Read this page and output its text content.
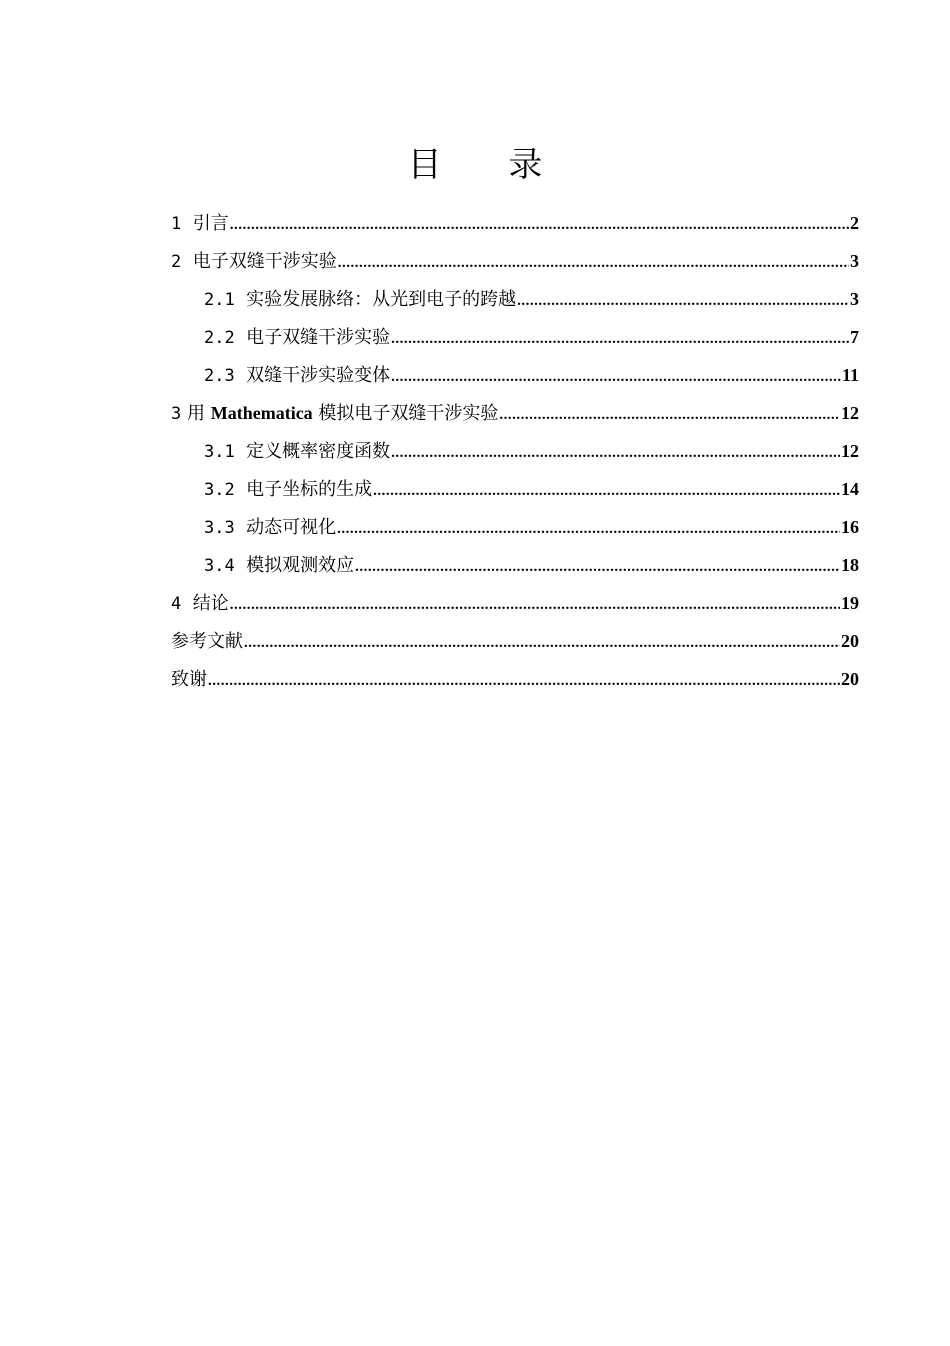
目 录
1 引言 .....	2
2 电子双缝干涉实验 .....	3
2.1 实验发展脉络：从光到电子的跨越 .....	3
2.2 电子双缝干涉实验 .....	7
2.3 双缝干涉实验变体 .....	11
3 用 Mathematica 模拟电子双缝干涉实验 .....	12
3.1 定义概率密度函数 .....	12
3.2 电子坐标的生成 .....	14
3.3 动态可视化 .....	16
3.4 模拟观测效应 .....	18
4 结论 .....	19
参考文献 .....	20
致谢 .....	20
